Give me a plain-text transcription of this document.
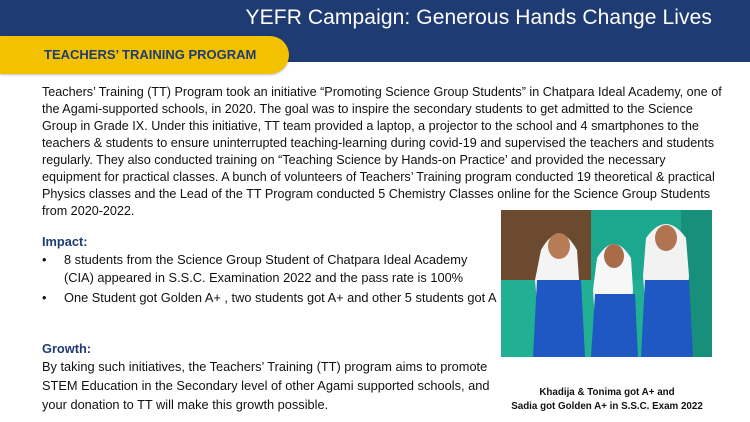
YEFR Campaign: Generous Hands Change Lives
TEACHERS’ TRAINING PROGRAM

Teachers’ Training (TT) Program took an initiative “Promoting Science Group Students” in Chatpara Ideal Academy, one of the Agami-supported schools, in 2020. The goal was to inspire the secondary students to get admitted to the Science Group in Grade IX. Under this initiative, TT team provided a laptop, a projector to the school and 4 smartphones to the teachers & students to ensure uninterrupted teaching-learning during covid-19 and supervised the teachers and students regularly. They also conducted training on “Teaching Science by Hands-on Practice’ and provided the necessary equipment for practical classes. A bunch of volunteers of Teachers’ Training program conducted 19 theoretical & practical Physics classes and the Lead of the TT Program conducted 5 Chemistry Classes online for the Science Group Students from 2020-2022.

Impact:
• 8 students from the Science Group Student of Chatpara Ideal Academy (CIA) appeared in S.S.C. Examination 2022 and the pass rate is 100%
• One Student got Golden A+ , two students got A+ and other 5 students got A
Growth:

By taking such initiatives, the Teachers’ Training (TT) program aims to promote STEM Education in the Secondary level of other Agami supported schools, and your donation to TT will make this growth possible.

Khadija & Tonima got A+ and
Sadia got Golden A+ in S.S.C. Exam 2022
